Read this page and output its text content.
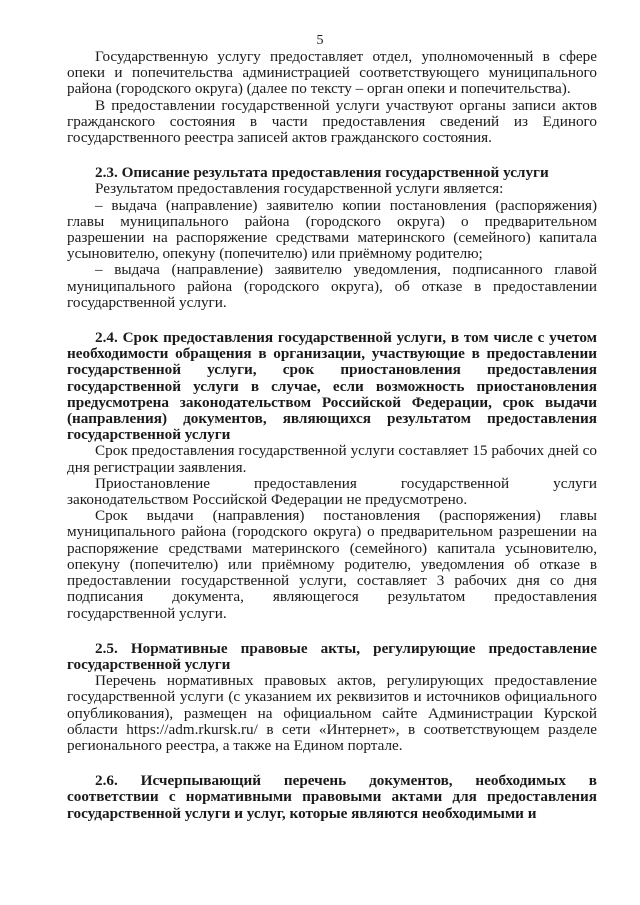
5

Государственную услугу предоставляет отдел, уполномоченный в сфере опеки и попечительства администрацией соответствующего муниципального района (городского округа) (далее по тексту – орган опеки и попечительства).

В предоставлении государственной услуги участвуют органы записи актов гражданского состояния в части предоставления сведений из Единого государственного реестра записей актов гражданского состояния.

2.3. Описание результата предоставления государственной услуги

Результатом предоставления государственной услуги является:

– выдача (направление) заявителю копии постановления (распоряжения) главы муниципального района (городского округа) о предварительном разрешении на распоряжение средствами материнского (семейного) капитала усыновителю, опекуну (попечителю) или приёмному родителю;

– выдача (направление) заявителю уведомления, подписанного главой муниципального района (городского округа), об отказе в предоставлении государственной услуги.

2.4. Срок предоставления государственной услуги, в том числе с учетом необходимости обращения в организации, участвующие в предоставлении государственной услуги, срок приостановления предоставления государственной услуги в случае, если возможность приостановления предусмотрена законодательством Российской Федерации, срок выдачи (направления) документов, являющихся результатом предоставления государственной услуги

Срок предоставления государственной услуги составляет 15 рабочих дней со дня регистрации заявления.

Приостановление предоставления государственной услуги законодательством Российской Федерации не предусмотрено.

Срок выдачи (направления) постановления (распоряжения) главы муниципального района (городского округа) о предварительном разрешении на распоряжение средствами материнского (семейного) капитала усыновителю, опекуну (попечителю) или приёмному родителю, уведомления об отказе в предоставлении государственной услуги, составляет 3 рабочих дня со дня подписания документа, являющегося результатом предоставления государственной услуги.

2.5. Нормативные правовые акты, регулирующие предоставление государственной услуги

Перечень нормативных правовых актов, регулирующих предоставление государственной услуги (с указанием их реквизитов и источников официального опубликования), размещен на официальном сайте Администрации Курской области https://adm.rkursk.ru/ в сети «Интернет», в соответствующем разделе регионального реестра, а также на Едином портале.

2.6. Исчерпывающий перечень документов, необходимых в соответствии с нормативными правовыми актами для предоставления государственной услуги и услуг, которые являются необходимыми и
